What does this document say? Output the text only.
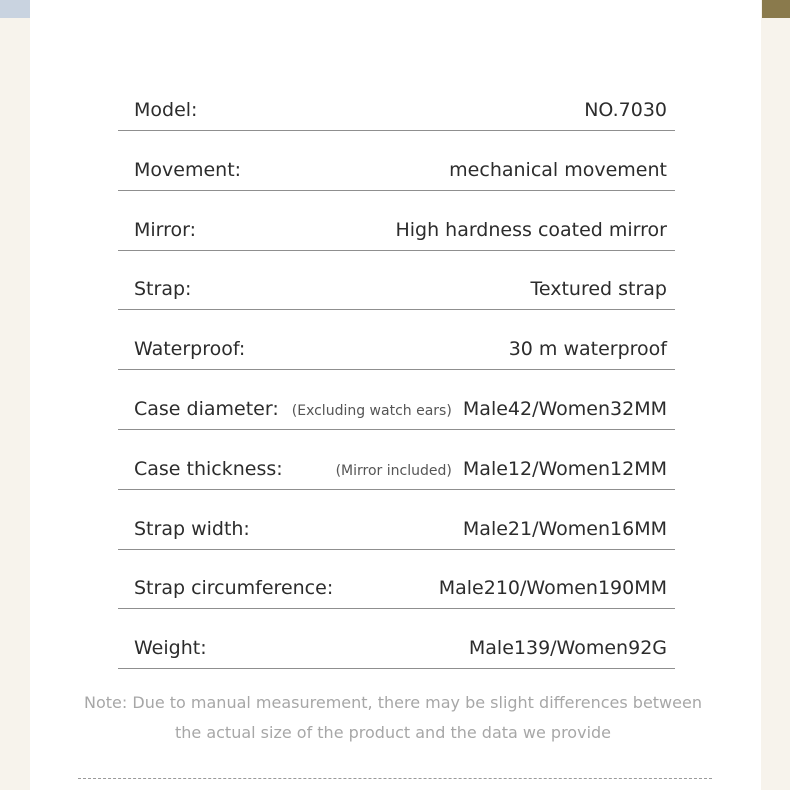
Model:	NO.7030
Movement:	mechanical movement
Mirror:	High hardness coated mirror
Strap:	Textured strap
Waterproof:	30 m waterproof
Case diameter: (Excluding watch ears) Male42/Women32MM
Case thickness:	(Mirror included) Male12/Women12MM
Strap width:	Male21/Women16MM
Strap circumference:	Male210/Women190MM
Weight:	Male139/Women92G
Note: Due to manual measurement, there may be slight differences between
the actual size of the product and the data we provide
